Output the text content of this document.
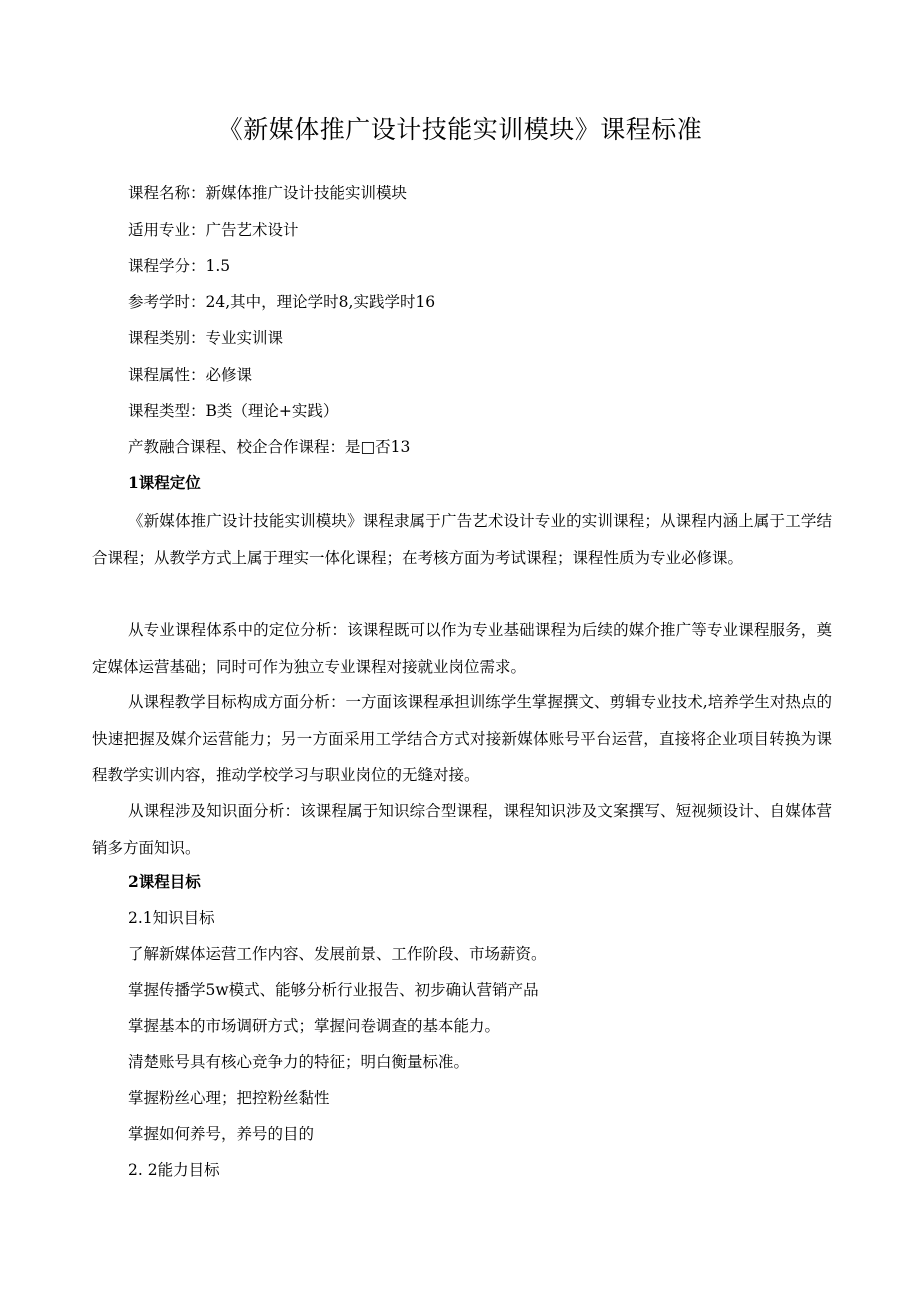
《新媒体推广设计技能实训模块》课程标准
课程名称：新媒体推广设计技能实训模块
适用专业：广告艺术设计
课程学分：1.5
参考学时：24,其中，理论学时8,实践学时16
课程类别：专业实训课
课程属性：必修课
课程类型：B类（理论+实践）
产教融合课程、校企合作课程：是□否13
1课程定位
《新媒体推广设计技能实训模块》课程隶属于广告艺术设计专业的实训课程；从课程内涵上属于工学结合课程；从教学方式上属于理实一体化课程；在考核方面为考试课程；课程性质为专业必修课。
从专业课程体系中的定位分析：该课程既可以作为专业基础课程为后续的媒介推广等专业课程服务，奠定媒体运营基础；同时可作为独立专业课程对接就业岗位需求。
从课程教学目标构成方面分析：一方面该课程承担训练学生掌握撰文、剪辑专业技术,培养学生对热点的快速把握及媒介运营能力；另一方面采用工学结合方式对接新媒体账号平台运营，直接将企业项目转换为课程教学实训内容，推动学校学习与职业岗位的无缝对接。
从课程涉及知识面分析：该课程属于知识综合型课程，课程知识涉及文案撰写、短视频设计、自媒体营销多方面知识。
2课程目标
2.1知识目标
了解新媒体运营工作内容、发展前景、工作阶段、市场薪资。
掌握传播学5w模式、能够分析行业报告、初步确认营销产品
掌握基本的市场调研方式；掌握问卷调查的基本能力。
清楚账号具有核心竞争力的特征；明白衡量标准。
掌握粉丝心理；把控粉丝黏性
掌握如何养号，养号的目的
2. 2能力目标
